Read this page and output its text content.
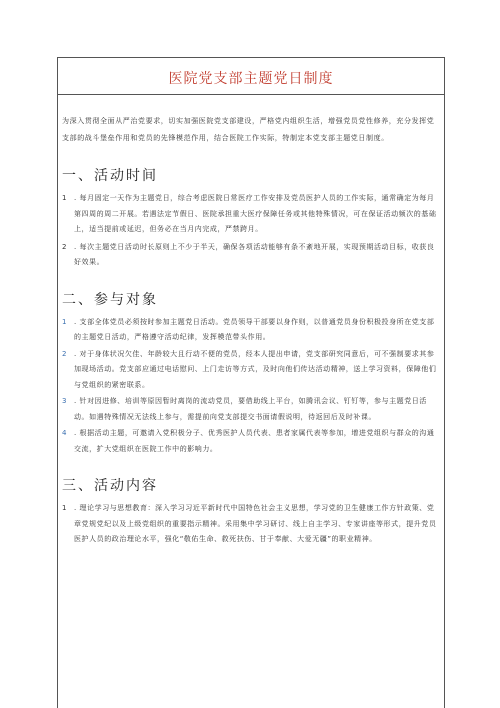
医院党支部主题党日制度
为深入贯彻全面从严治党要求，切实加强医院党支部建设，严格党内组织生活，增强党员党性修养，充分发挥党支部的战斗堡垒作用和党员的先锋模范作用，结合医院工作实际，特制定本党支部主题党日制度。
一、活动时间
1 . 每月固定一天作为主题党日，综合考虑医院日常医疗工作安排及党员医护人员的工作实际，通常确定为每月第四周的周二开展。若遇法定节假日、医院承担重大医疗保障任务或其他特殊情况，可在保证活动频次的基础上，适当提前或延迟，但务必在当月内完成，严禁跨月。
2 . 每次主题党日活动时长原则上不少于半天，确保各项活动能够有条不紊地开展，实现预期活动目标，收获良好效果。
二、参与对象
1 . 支部全体党员必须按时参加主题党日活动。党员领导干部要以身作则，以普通党员身份积极投身所在党支部的主题党日活动，严格遵守活动纪律，发挥模范带头作用。
2 . 对于身体状况欠佳、年龄较大且行动不便的党员，经本人提出申请，党支部研究同意后，可不强制要求其参加现场活动。党支部应通过电话慰问、上门走访等方式，及时向他们传达活动精神，送上学习资料，保障他们与党组织的紧密联系。
3 . 针对因进修、培训等原因暂时离岗的流动党员，要借助线上平台，如腾讯会议、钉钉等，参与主题党日活动。如遇特殊情况无法线上参与，需提前向党支部提交书面请假说明，待返回后及时补课。
4 . 根据活动主题，可邀请入党积极分子、优秀医护人员代表、患者家属代表等参加，增进党组织与群众的沟通交流，扩大党组织在医院工作中的影响力。
三、活动内容
1 . 理论学习与思想教育：深入学习习近平新时代中国特色社会主义思想，学习党的卫生健康工作方针政策、党章党规党纪以及上级党组织的重要指示精神。采用集中学习研讨、线上自主学习、专家讲座等形式，提升党员医护人员的政治理论水平，强化“敬佑生命、救死扶伤、甘于奉献、大爱无疆”的职业精神。
